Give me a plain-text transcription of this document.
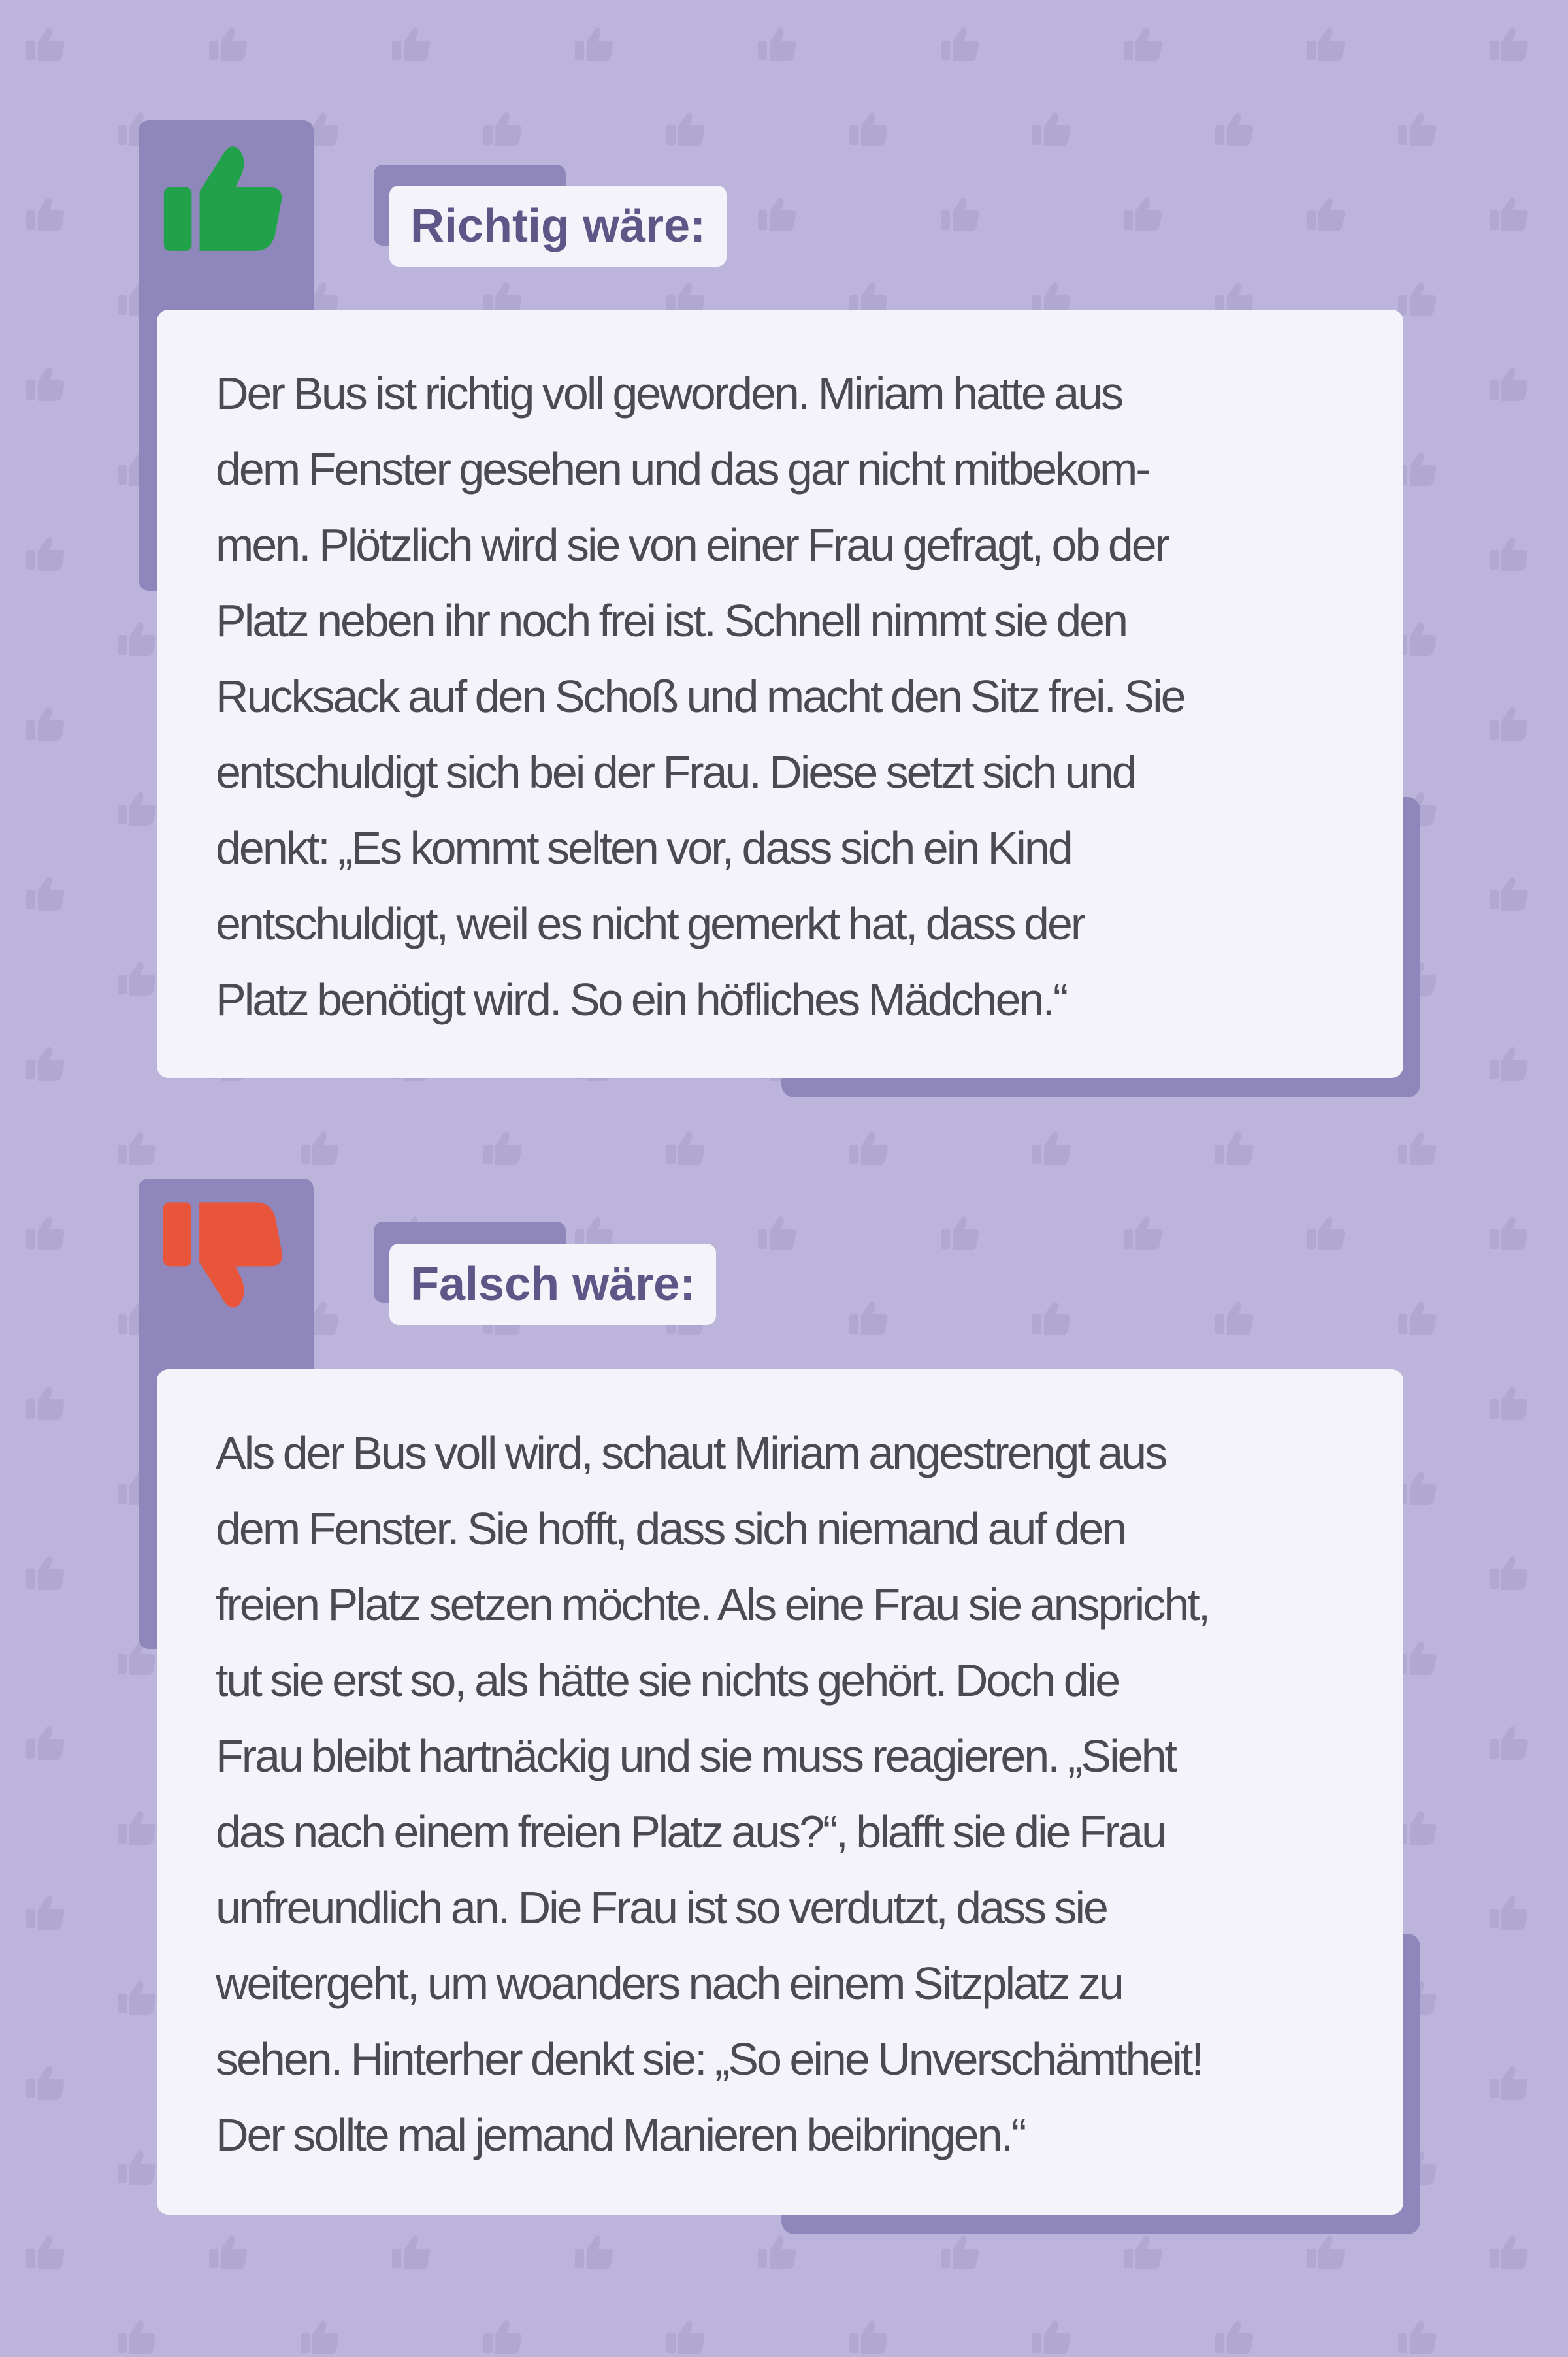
Richtig wäre:

Der Bus ist richtig voll geworden. Miriam hatte aus
dem Fenster gesehen und das gar nicht mitbekom-
men. Plötzlich wird sie von einer Frau gefragt, ob der
Platz neben ihr noch frei ist. Schnell nimmt sie den
Rucksack auf den Schoß und macht den Sitz frei. Sie
entschuldigt sich bei der Frau. Diese setzt sich und
denkt: „Es kommt selten vor, dass sich ein Kind
entschuldigt, weil es nicht gemerkt hat, dass der
Platz benötigt wird. So ein höfliches Mädchen.“

Falsch wäre:

Als der Bus voll wird, schaut Miriam angestrengt aus
dem Fenster. Sie hofft, dass sich niemand auf den
freien Platz setzen möchte. Als eine Frau sie anspricht,
tut sie erst so, als hätte sie nichts gehört. Doch die
Frau bleibt hartnäckig und sie muss reagieren. „Sieht
das nach einem freien Platz aus?“, blafft sie die Frau
unfreundlich an. Die Frau ist so verdutzt, dass sie
weitergeht, um woanders nach einem Sitzplatz zu
sehen. Hinterher denkt sie: „So eine Unverschämtheit!
Der sollte mal jemand Manieren beibringen.“
